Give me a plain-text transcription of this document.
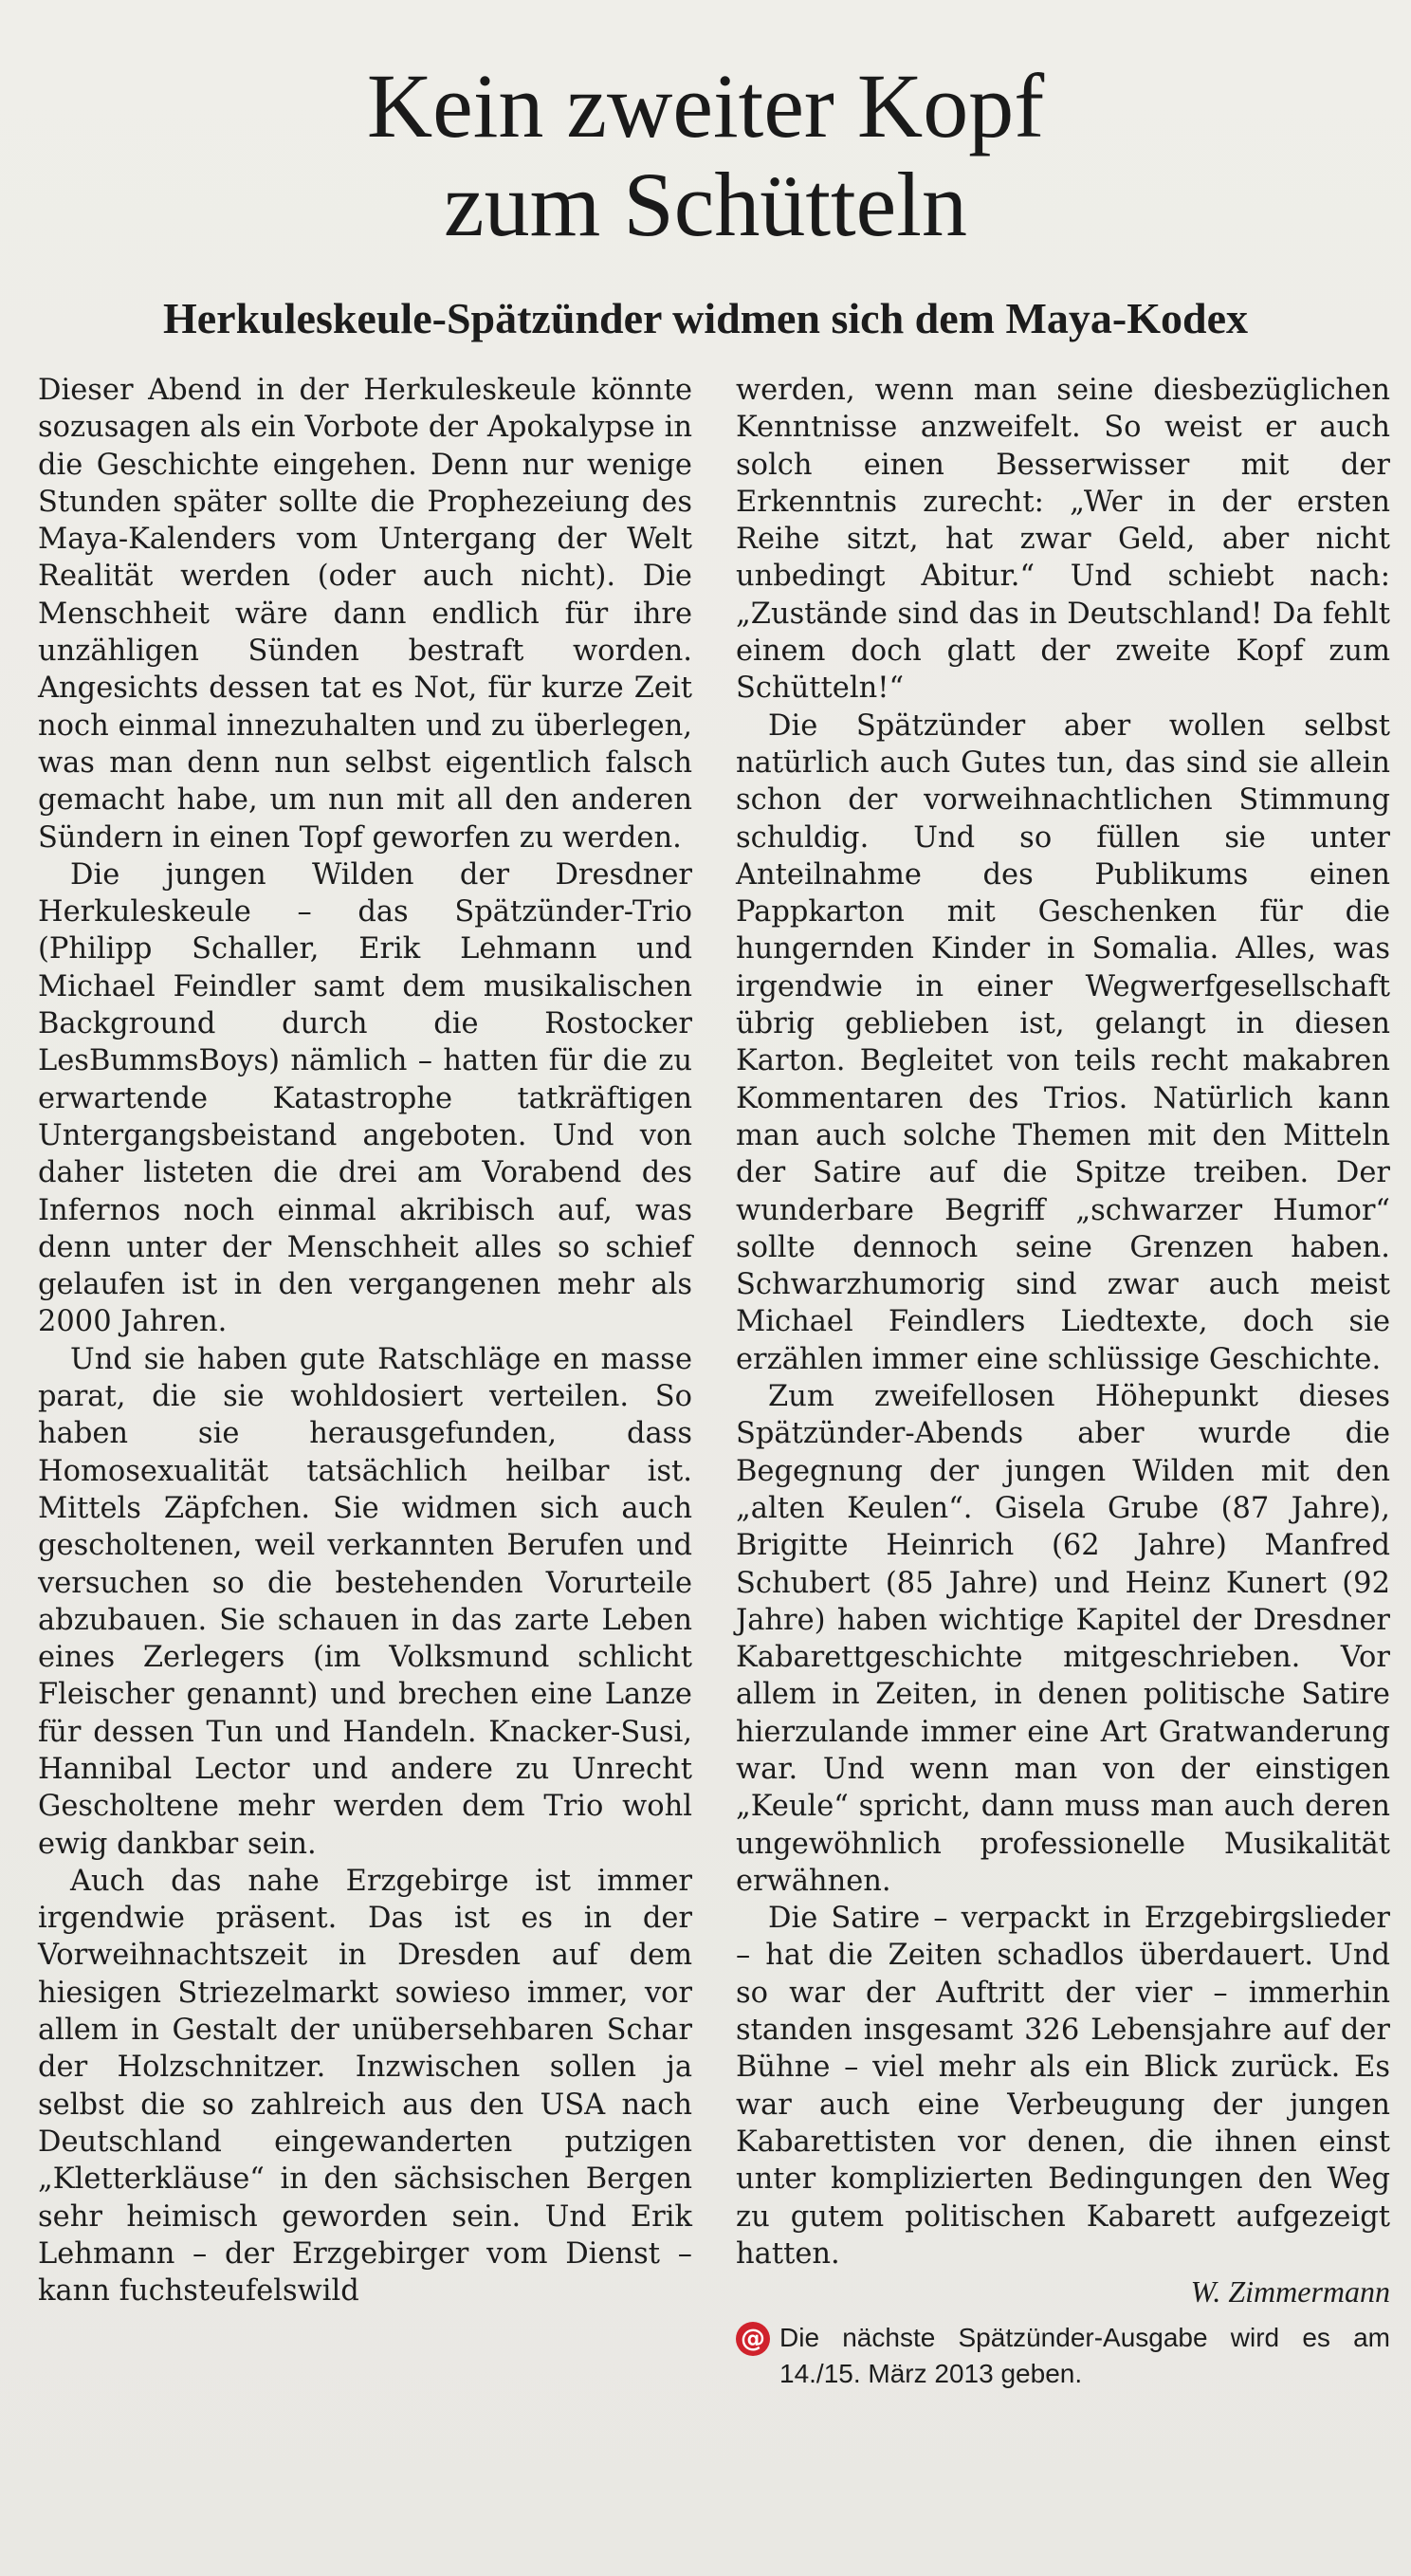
Kein zweiter Kopf
zum Schütteln
Herkuleskeule-Spätzünder widmen sich dem Maya-Kodex

Dieser Abend in der Herkuleskeule könnte sozusagen als ein Vorbote der Apokalypse in die Geschichte eingehen. Denn nur wenige Stunden später sollte die Prophezeiung des Maya-Kalenders vom Untergang der Welt Realität werden (oder auch nicht). Die Menschheit wäre dann endlich für ihre unzähligen Sünden bestraft worden. Angesichts dessen tat es Not, für kurze Zeit noch einmal innezuhalten und zu überlegen, was man denn nun selbst eigentlich falsch gemacht habe, um nun mit all den anderen Sündern in einen Topf geworfen zu werden.

Die jungen Wilden der Dresdner Herkuleskeule – das Spätzünder-Trio (Philipp Schaller, Erik Lehmann und Michael Feindler samt dem musikalischen Background durch die Rostocker LesBummsBoys) nämlich – hatten für die zu erwartende Katastrophe tatkräftigen Untergangsbeistand angeboten. Und von daher listeten die drei am Vorabend des Infernos noch einmal akribisch auf, was denn unter der Menschheit alles so schief gelaufen ist in den vergangenen mehr als 2000 Jahren.

Und sie haben gute Ratschläge en masse parat, die sie wohldosiert verteilen. So haben sie herausgefunden, dass Homosexualität tatsächlich heilbar ist. Mittels Zäpfchen. Sie widmen sich auch gescholtenen, weil verkannten Berufen und versuchen so die bestehenden Vorurteile abzubauen. Sie schauen in das zarte Leben eines Zerlegers (im Volksmund schlicht Fleischer genannt) und brechen eine Lanze für dessen Tun und Handeln. Knacker-Susi, Hannibal Lector und andere zu Unrecht Gescholtene mehr werden dem Trio wohl ewig dankbar sein.

Auch das nahe Erzgebirge ist immer irgendwie präsent. Das ist es in der Vorweihnachtszeit in Dresden auf dem hiesigen Striezelmarkt sowieso immer, vor allem in Gestalt der unübersehbaren Schar der Holzschnitzer. Inzwischen sollen ja selbst die so zahlreich aus den USA nach Deutschland eingewanderten putzigen „Kletterkläuse“ in den sächsischen Bergen sehr heimisch geworden sein. Und Erik Lehmann – der Erzgebirger vom Dienst – kann fuchsteufelswild

werden, wenn man seine diesbezüglichen Kenntnisse anzweifelt. So weist er auch solch einen Besserwisser mit der Erkenntnis zurecht: „Wer in der ersten Reihe sitzt, hat zwar Geld, aber nicht unbedingt Abitur.“ Und schiebt nach: „Zustände sind das in Deutschland! Da fehlt einem doch glatt der zweite Kopf zum Schütteln!“

Die Spätzünder aber wollen selbst natürlich auch Gutes tun, das sind sie allein schon der vorweihnachtlichen Stimmung schuldig. Und so füllen sie unter Anteilnahme des Publikums einen Pappkarton mit Geschenken für die hungernden Kinder in Somalia. Alles, was irgendwie in einer Wegwerfgesellschaft übrig geblieben ist, gelangt in diesen Karton. Begleitet von teils recht makabren Kommentaren des Trios. Natürlich kann man auch solche Themen mit den Mitteln der Satire auf die Spitze treiben. Der wunderbare Begriff „schwarzer Humor“ sollte dennoch seine Grenzen haben. Schwarzhumorig sind zwar auch meist Michael Feindlers Liedtexte, doch sie erzählen immer eine schlüssige Geschichte.

Zum zweifellosen Höhepunkt dieses Spätzünder-Abends aber wurde die Begegnung der jungen Wilden mit den „alten Keulen“. Gisela Grube (87 Jahre), Brigitte Heinrich (62 Jahre) Manfred Schubert (85 Jahre) und Heinz Kunert (92 Jahre) haben wichtige Kapitel der Dresdner Kabarettgeschichte mitgeschrieben. Vor allem in Zeiten, in denen politische Satire hierzulande immer eine Art Gratwanderung war. Und wenn man von der einstigen „Keule“ spricht, dann muss man auch deren ungewöhnlich professionelle Musikalität erwähnen.

Die Satire – verpackt in Erzgebirgslieder – hat die Zeiten schadlos überdauert. Und so war der Auftritt der vier – immerhin standen insgesamt 326 Lebensjahre auf der Bühne – viel mehr als ein Blick zurück. Es war auch eine Verbeugung der jungen Kabarettisten vor denen, die ihnen einst unter komplizierten Bedingungen den Weg zu gutem politischen Kabarett aufgezeigt hatten.

W. Zimmermann

@ Die nächste Spätzünder-Ausgabe wird es am 14./15. März 2013 geben.
